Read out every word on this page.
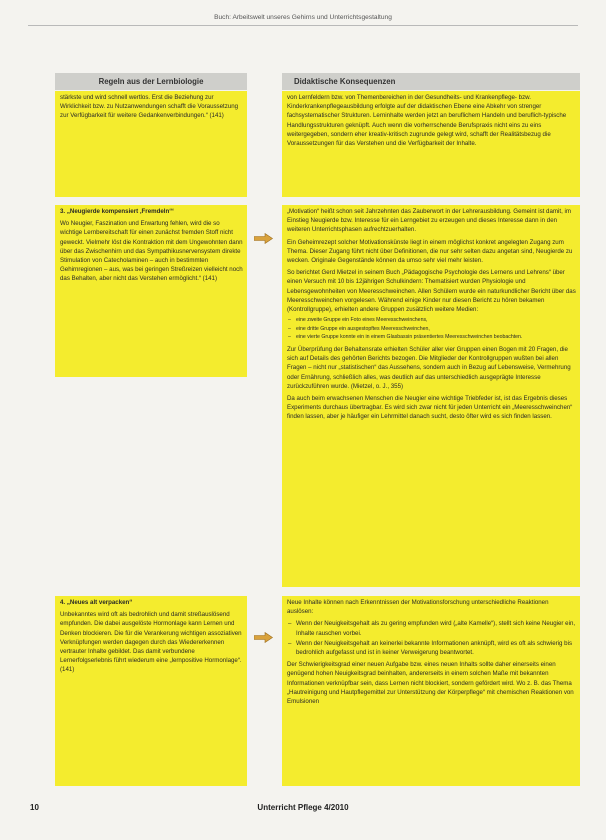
Buch: Arbeitswelt unseres Gehirns und Unterrichtsgestaltung
Regeln aus der Lernbiologie	Didaktische Konsequenzen

stärkste und wird schnell wertlos. Erst die Beziehung zur Wirklichkeit bzw. zu Nutzanwendungen schafft die Voraussetzung zur Verfügbarkeit für weitere Gedankenverbindungen.“ (141)

von Lernfeldern bzw. von Themenbereichen in der Gesundheits- und Krankenpflege- bzw. Kinderkrankenpflegeausbildung erfolgte auf der didaktischen Ebene eine Abkehr von strenger fachsystematischer Strukturen. Lerninhalte werden jetzt an beruflichem Handeln und beruflich-typische Handlungsstrukturen geknüpft. Auch wenn die vorherrschende Berufspraxis nicht eins zu eins weitergegeben, sondern eher kreativ-kritisch zugrunde gelegt wird, schafft der Realitätsbezug die Voraussetzungen für das Verstehen und die Verfügbarkeit der Inhalte.

3. „Neugierde kompensiert ‚Fremdeln‘“

Wo Neugier, Faszination und Erwartung fehlen, wird die so wichtige Lernbereitschaft für einen zunächst fremden Stoff nicht geweckt. Vielmehr löst die Kontraktion mit dem Ungewohnten dann über das Zwischenhirn und das Sympathikusnervensystem direkte Stimulation von Catecholaminen – auch in bestimmten Gehirnregionen – aus, was bei geringen Streßreizen vielleicht noch das Behalten, aber nicht das Verstehen ermöglicht.“ (141)

„Motivation“ heißt schon seit Jahrzehnten das Zauberwort in der Lehrerausbildung. Gemeint ist damit, im Einstieg Neugierde bzw. Interesse für ein Lerngebiet zu erzeugen und dieses Interesse dann in den weiteren Unterrichtsphasen aufrechtzuerhalten.

Ein Geheimrezept solcher Motivationskünste liegt in einem möglichst konkret angelegten Zugang zum Thema. Dieser Zugang führt nicht über Definitionen, die nur sehr selten dazu angetan sind, Neugierde zu wecken. Originale Gegenstände können da umso sehr viel mehr leisten.

So berichtet Gerd Mietzel in seinem Buch „Pädagogische Psychologie des Lernens und Lehrens“ über einen Versuch mit 10 bis 12jährigen Schulkindern: Thematisiert wurden Physiologie und Lebensgewohnheiten von Meeresschweinchen. Allen Schülern wurde ein naturkundlicher Bericht über das Meeresschweinchen vorgelesen. Während einige Kinder nur diesen Bericht zu hören bekamen (Kontrollgruppe), erhielten andere Gruppen zusätzlich weitere Medien:

– eine zweite Gruppe ein Foto eines Meeresschweinchens,
– eine dritte Gruppe ein ausgestopftes Meeresschweinchen,
– eine vierte Gruppe konnte ein in einem Glasbassin präsentiertes Meeresschweinchen beobachten.

Zur Überprüfung der Behaltensrate erhielten Schüler aller vier Gruppen einen Bogen mit 20 Fragen, die sich auf Details des gehörten Berichts bezogen. Die Mitglieder der Kontrollgruppen wußten bei allen Fragen – nicht nur „statistischen“ das Aussehens, sondern auch in Bezug auf Lebensweise, Vermehrung oder Ernährung, schließlich alles, was deutlich auf das unterschiedlich ausgeprägte Interesse zurückzuführen wurde. (Mietzel, o. J., 355)

Da auch beim erwachsenen Menschen die Neugier eine wichtige Triebfeder ist, ist das Ergebnis dieses Experiments durchaus übertragbar. Es wird sich zwar nicht für jeden Unterricht ein „Meeresschweinchen“ finden lassen, aber je häufiger ein Lehrmittel danach sucht, desto öfter wird es sich finden lassen.

4. „Neues alt verpacken“

Unbekanntes wird oft als bedrohlich und damit streßauslösend empfunden. Die dabei ausgelöste Hormonlage kann Lernen und Denken blockieren. Die für die Verankerung wichtigen assoziativen Verknüpfungen werden dagegen durch das Wiedererkennen vertrauter Inhalte gebildet. Das damit verbundene Lernerfolgserlebnis führt wiederum eine „lernpositive Hormonlage“. (141)

Neue Inhalte können nach Erkenntnissen der Motivationsforschung unterschiedliche Reaktionen auslösen:

– Wenn der Neuigkeitsgehalt als zu gering empfunden wird („alte Kamelle“), stellt sich keine Neugier ein, Inhalte rauschen vorbei.
– Wenn der Neuigkeitsgehalt an keinerlei bekannte Informationen anknüpft, wird es oft als schwierig bis bedrohlich aufgefasst und ist in keiner Verweigerung beantwortet.

Der Schwierigkeitsgrad einer neuen Aufgabe bzw. eines neuen Inhalts sollte daher einerseits einen genügend hohen Neuigkeitsgrad beinhalten, andererseits in einem solchen Maße mit bekannten Informationen verknüpfbar sein, dass Lernen nicht blockiert, sondern gefördert wird. Wo z. B. das Thema „Hautreinigung und Hautpflegemittel zur Unterstützung der Körperpflege“ mit chemischen Reaktionen von Emulsionen

10	Unterricht Pflege 4/2010
